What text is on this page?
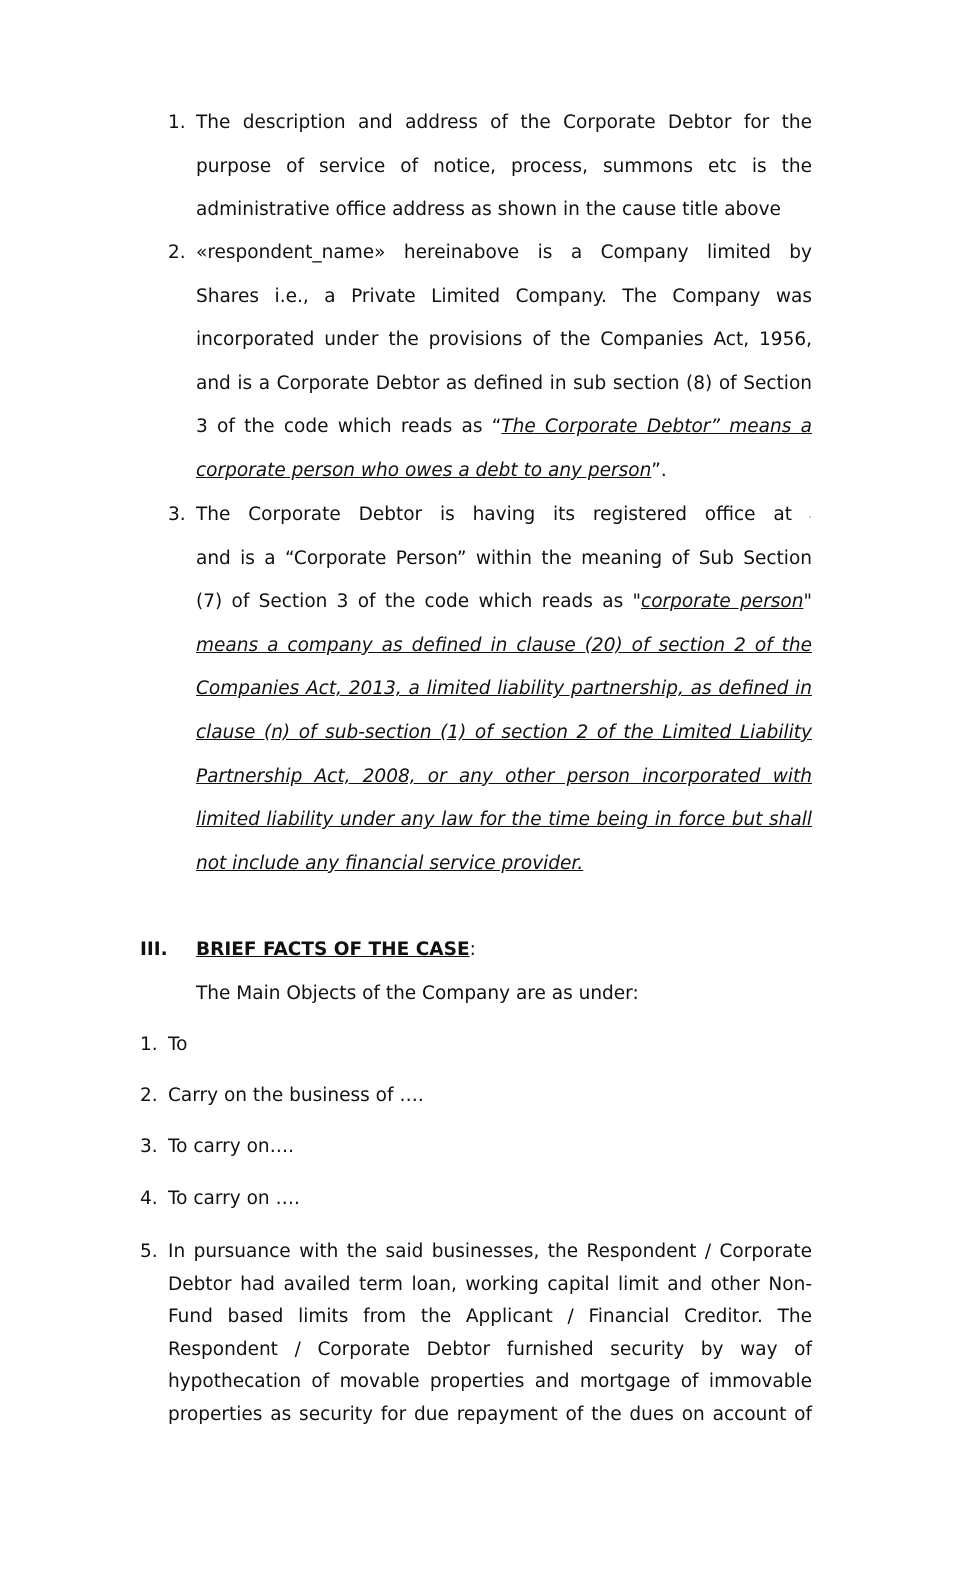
1. The description and address of the Corporate Debtor for the
purpose of service of notice, process, summons etc is the
administrative office address as shown in the cause title above
2. «respondent_name» hereinabove is a Company limited by
Shares i.e., a Private Limited Company. The Company was
incorporated under the provisions of the Companies Act, 1956,
and is a Corporate Debtor as defined in sub section (8) of Section
3 of the code which reads as “The Corporate Debtor” means a
corporate person who owes a debt to any person”.
3. The Corporate Debtor is having its registered office at .
and is a “Corporate Person” within the meaning of Sub Section
(7) of Section 3 of the code which reads as "corporate person"
means a company as defined in clause (20) of section 2 of the
Companies Act, 2013, a limited liability partnership, as defined in
clause (n) of sub-section (1) of section 2 of the Limited Liability
Partnership Act, 2008, or any other person incorporated with
limited liability under any law for the time being in force but shall
not include any financial service provider.
III. BRIEF FACTS OF THE CASE:
The Main Objects of the Company are as under:
1. To
2. Carry on the business of ….
3. To carry on….
4. To carry on ….
5. In pursuance with the said businesses, the Respondent / Corporate
Debtor had availed term loan, working capital limit and other Non-
Fund based limits from the Applicant / Financial Creditor. The
Respondent / Corporate Debtor furnished security by way of
hypothecation of movable properties and mortgage of immovable
properties as security for due repayment of the dues on account of
